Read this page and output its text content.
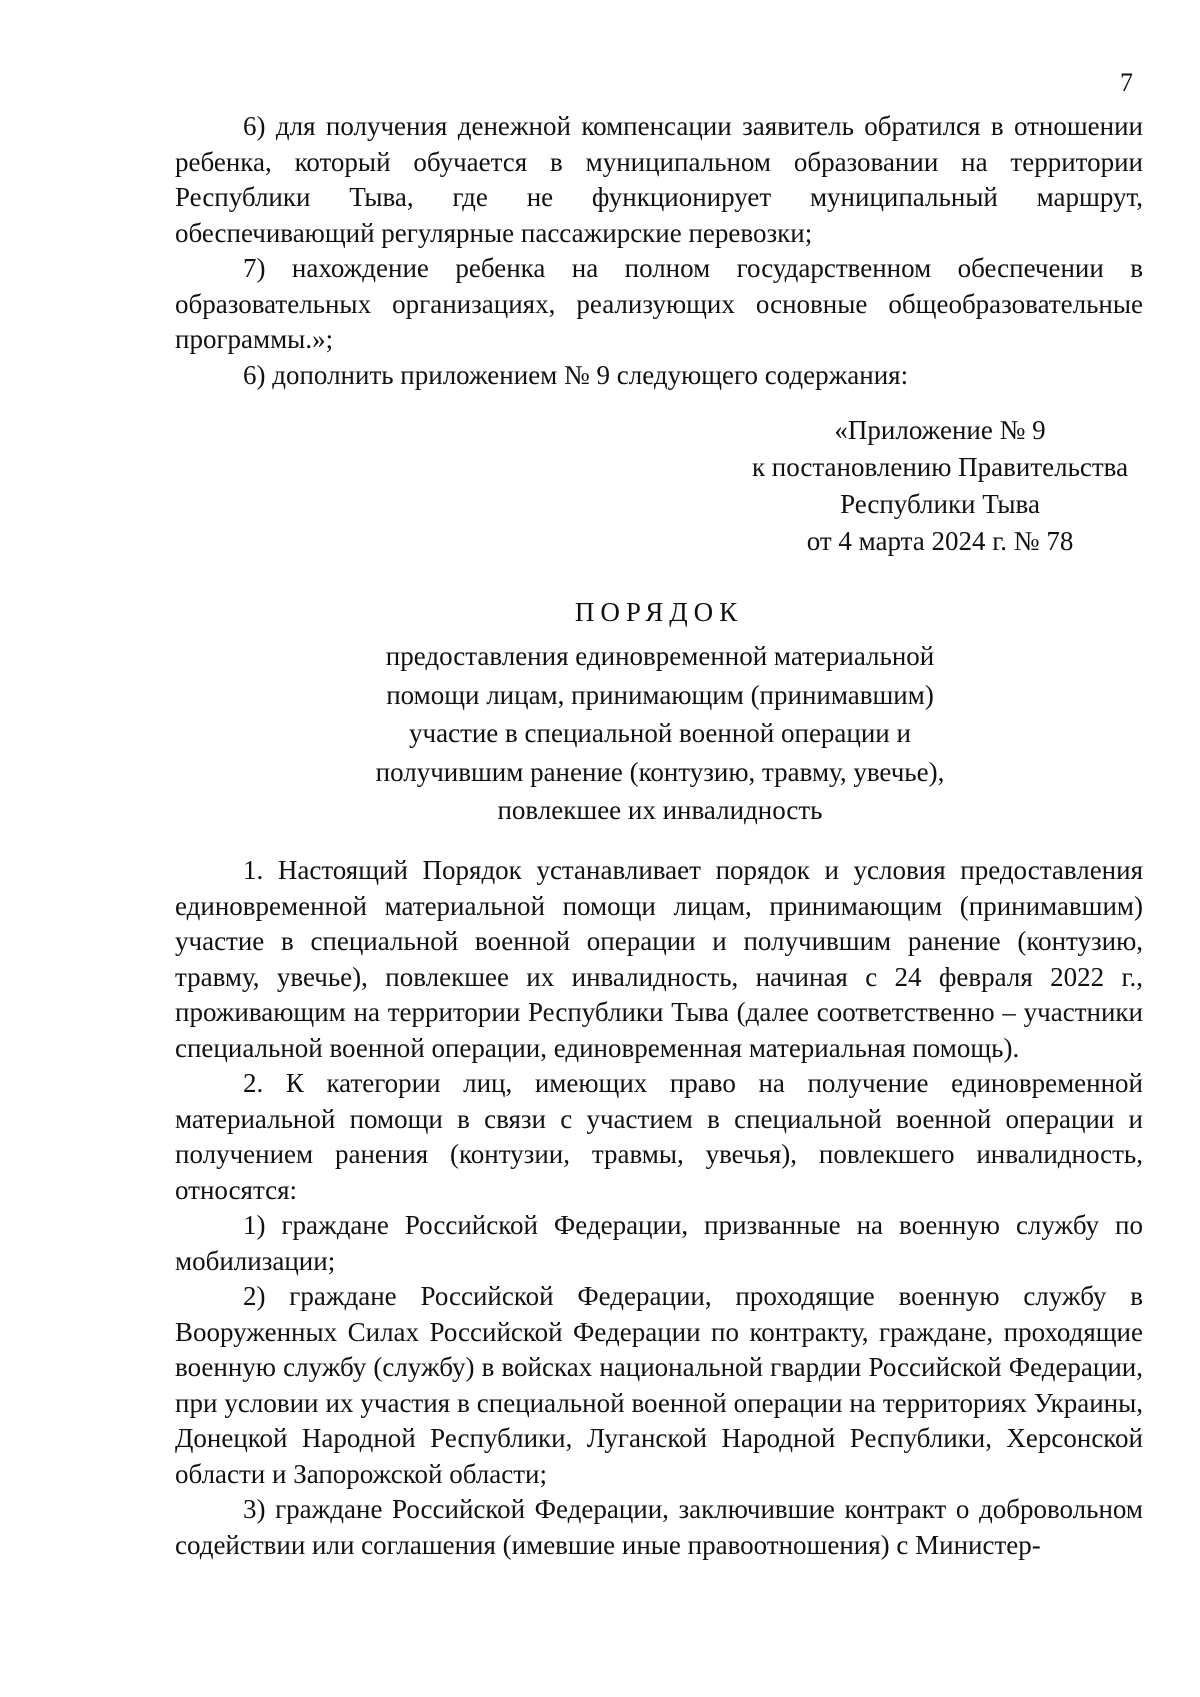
7

6) для получения денежной компенсации заявитель обратился в отношении ребенка, который обучается в муниципальном образовании на территории Республики Тыва, где не функционирует муниципальный маршрут, обеспечивающий регулярные пассажирские перевозки;

7) нахождение ребенка на полном государственном обеспечении в образовательных организациях, реализующих основные общеобразовательные программы.»;

6) дополнить приложением № 9 следующего содержания:

«Приложение № 9
к постановлению Правительства
Республики Тыва
от 4 марта 2024 г. № 78
ПОРЯДОК
предоставления единовременной материальной
помощи лицам, принимающим (принимавшим)
участие в специальной военной операции и
получившим ранение (контузию, травму, увечье),
повлекшее их инвалидность

1. Настоящий Порядок устанавливает порядок и условия предоставления единовременной материальной помощи лицам, принимающим (принимавшим) участие в специальной военной операции и получившим ранение (контузию, травму, увечье), повлекшее их инвалидность, начиная с 24 февраля 2022 г., проживающим на территории Республики Тыва (далее соответственно – участники специальной военной операции, единовременная материальная помощь).

2. К категории лиц, имеющих право на получение единовременной материальной помощи в связи с участием в специальной военной операции и получением ранения (контузии, травмы, увечья), повлекшего инвалидность, относятся:

1) граждане Российской Федерации, призванные на военную службу по мобилизации;

2) граждане Российской Федерации, проходящие военную службу в Вооруженных Силах Российской Федерации по контракту, граждане, проходящие военную службу (службу) в войсках национальной гвардии Российской Федерации, при условии их участия в специальной военной операции на территориях Украины, Донецкой Народной Республики, Луганской Народной Республики, Херсонской области и Запорожской области;

3) граждане Российской Федерации, заключившие контракт о добровольном содействии или соглашения (имевшие иные правоотношения) с Министер-
